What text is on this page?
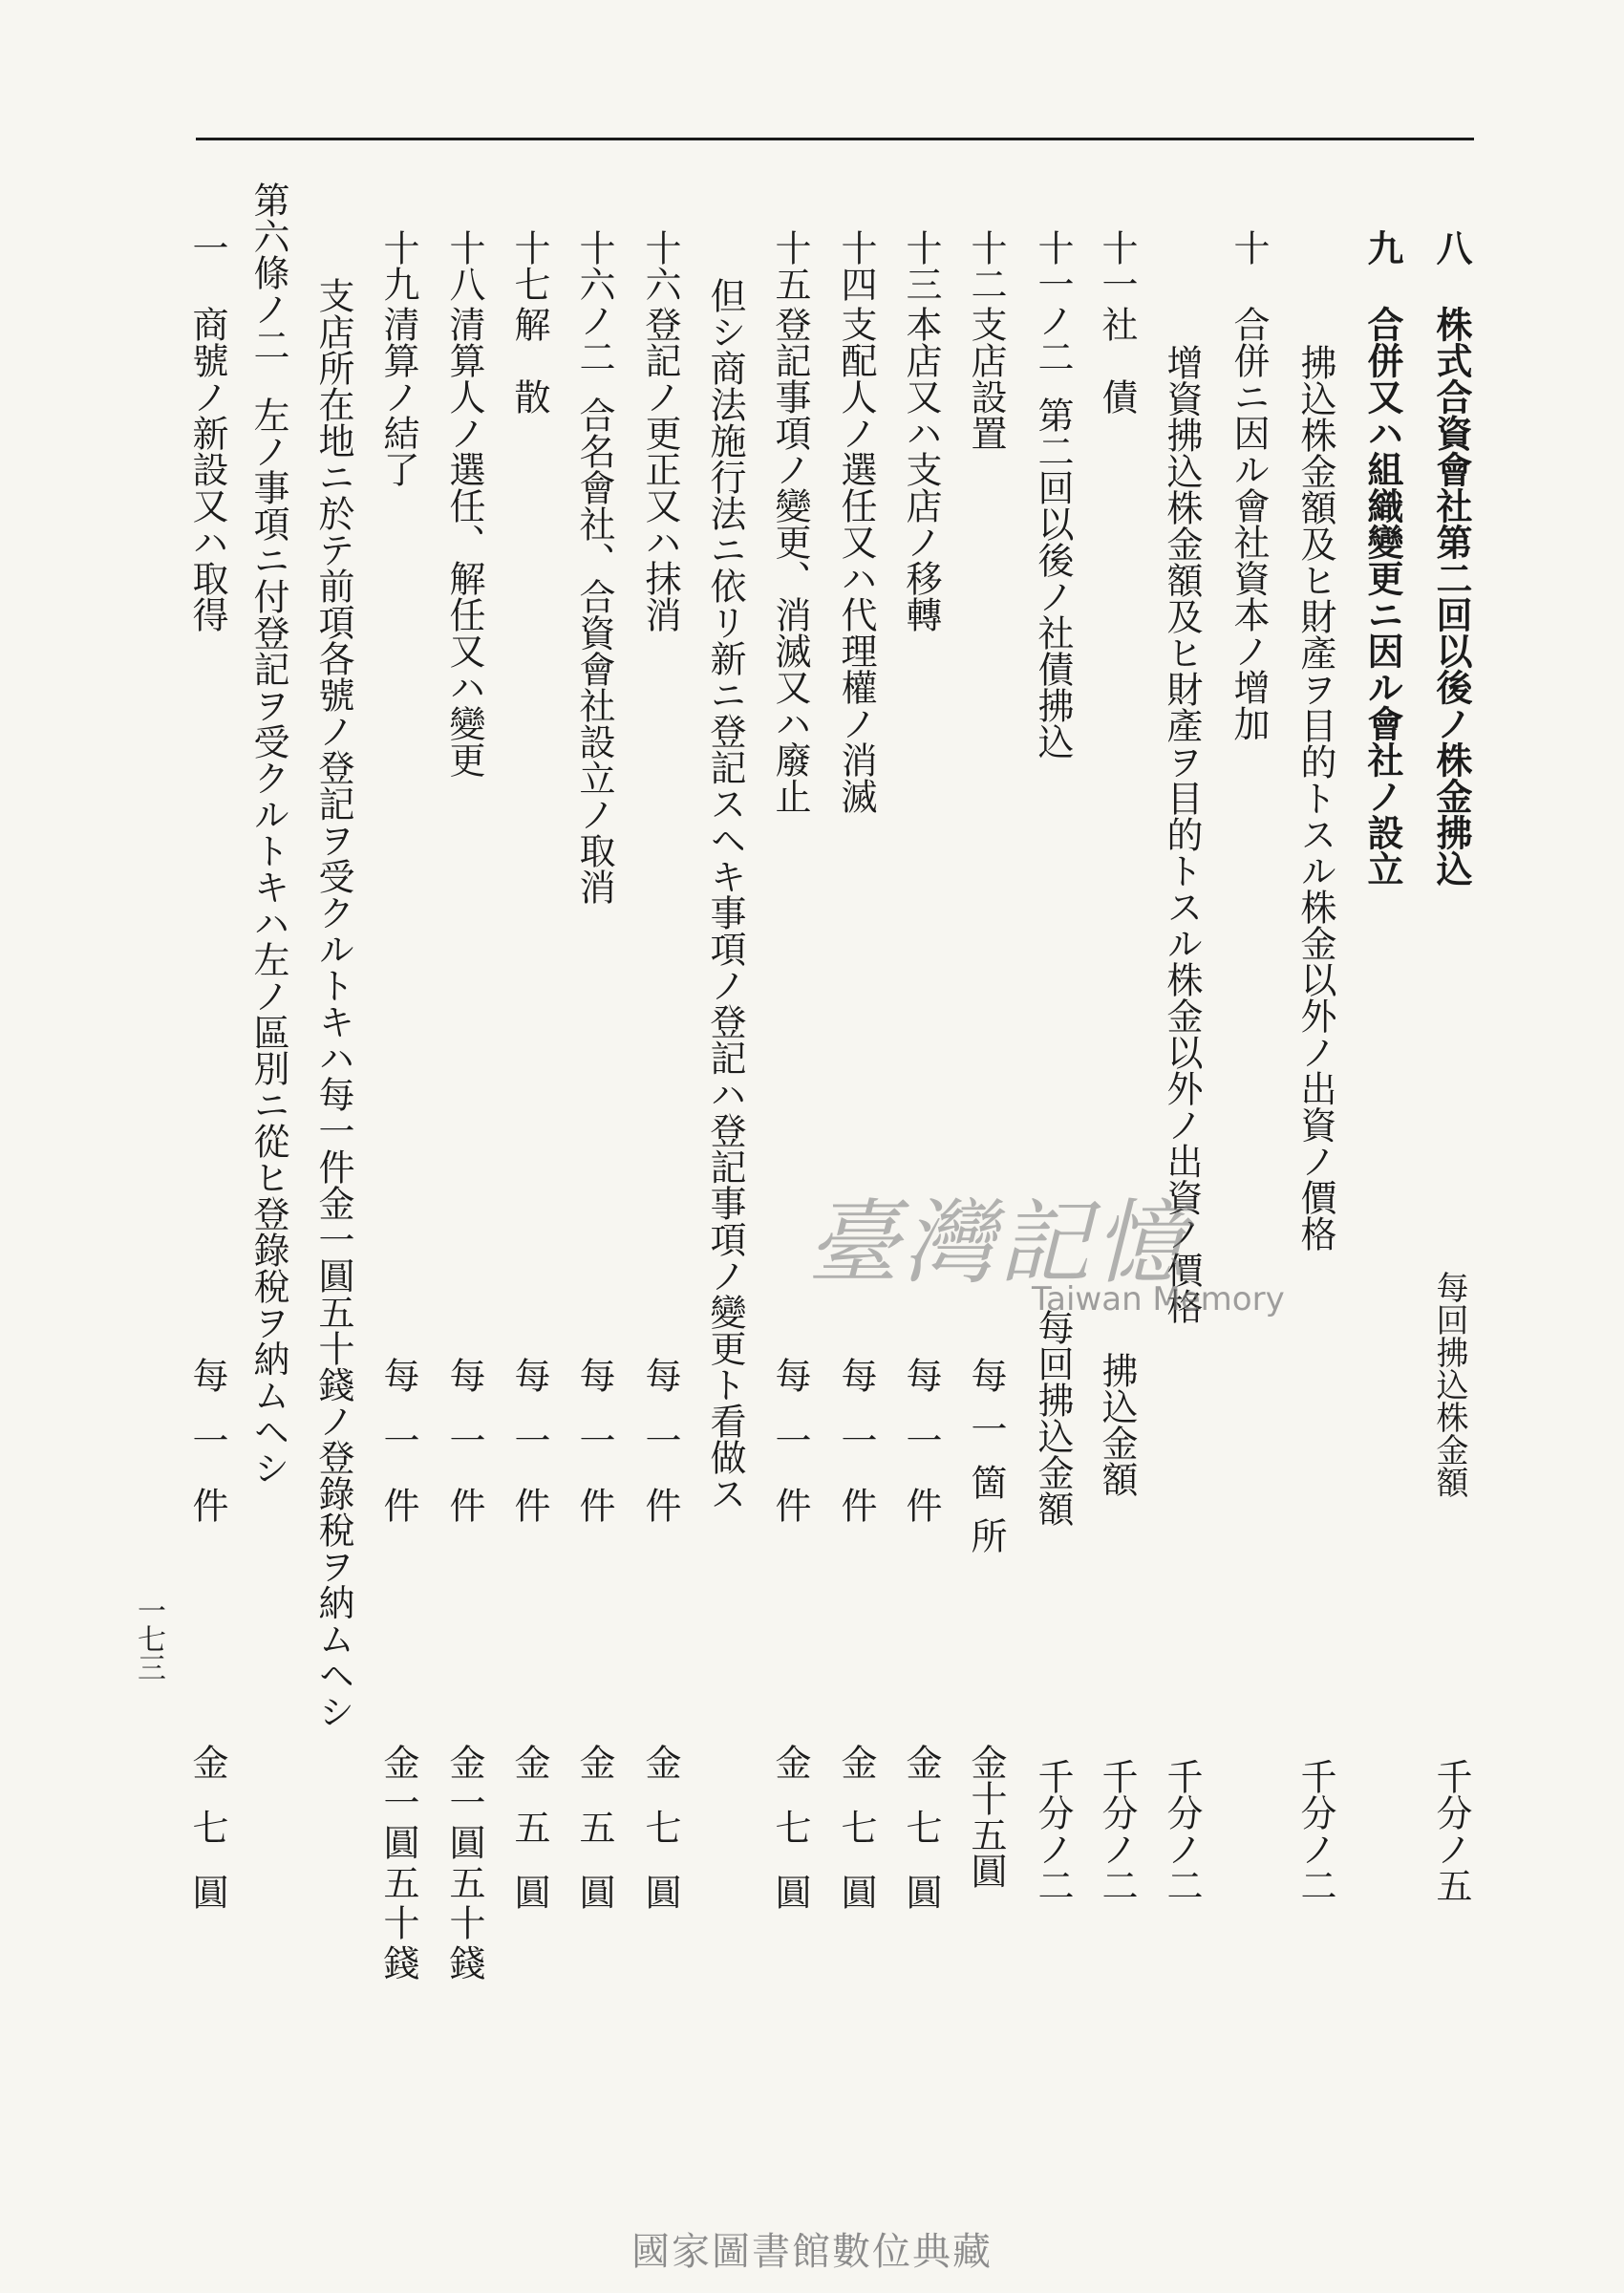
八
株式合資會社第二回以後ノ株金拂込
每回拂込株金額
千分ノ五
九
合併又ハ組織變更ニ因ル會社ノ設立
拂込株金額及ヒ財產ヲ目的トスル株金以外ノ出資ノ價格
千分ノ二
十
合併ニ因ル會社資本ノ增加
增資拂込株金額及ヒ財產ヲ目的トスル株金以外ノ出資ノ價格
千分ノ二
十一
社　債
拂込金額
千分ノ二
十一ノ二
第二回以後ノ社債拂込
每回拂込金額
千分ノ二
十二
支店設置
每一箇所
金十五圓
十三
本店又ハ支店ノ移轉
每一件
金七圓
十四
支配人ノ選任又ハ代理權ノ消滅
每一件
金七圓
十五
登記事項ノ變更、消滅又ハ廢止
每一件
金七圓
但シ商法施行法ニ依リ新ニ登記スヘキ事項ノ登記ハ登記事項ノ變更ト看做ス
十六
登記ノ更正又ハ抹消
每一件
金七圓
十六ノ二
合名會社、合資會社設立ノ取消
每一件
金五圓
十七
解　散
每一件
金五圓
十八
清算人ノ選任、解任又ハ變更
每一件
金一圓五十錢
十九
清算ノ結了
每一件
金一圓五十錢
支店所在地ニ於テ前項各號ノ登記ヲ受クルトキハ每一件金一圓五十錢ノ登錄稅ヲ納ムヘシ
第六條ノ二
左ノ事項ニ付登記ヲ受クルトキハ左ノ區別ニ從ヒ登錄稅ヲ納ムヘシ
一
商號ノ新設又ハ取得
每一件
金七圓
一七三
臺灣記憶
Taiwan Memory
國家圖書館數位典藏
